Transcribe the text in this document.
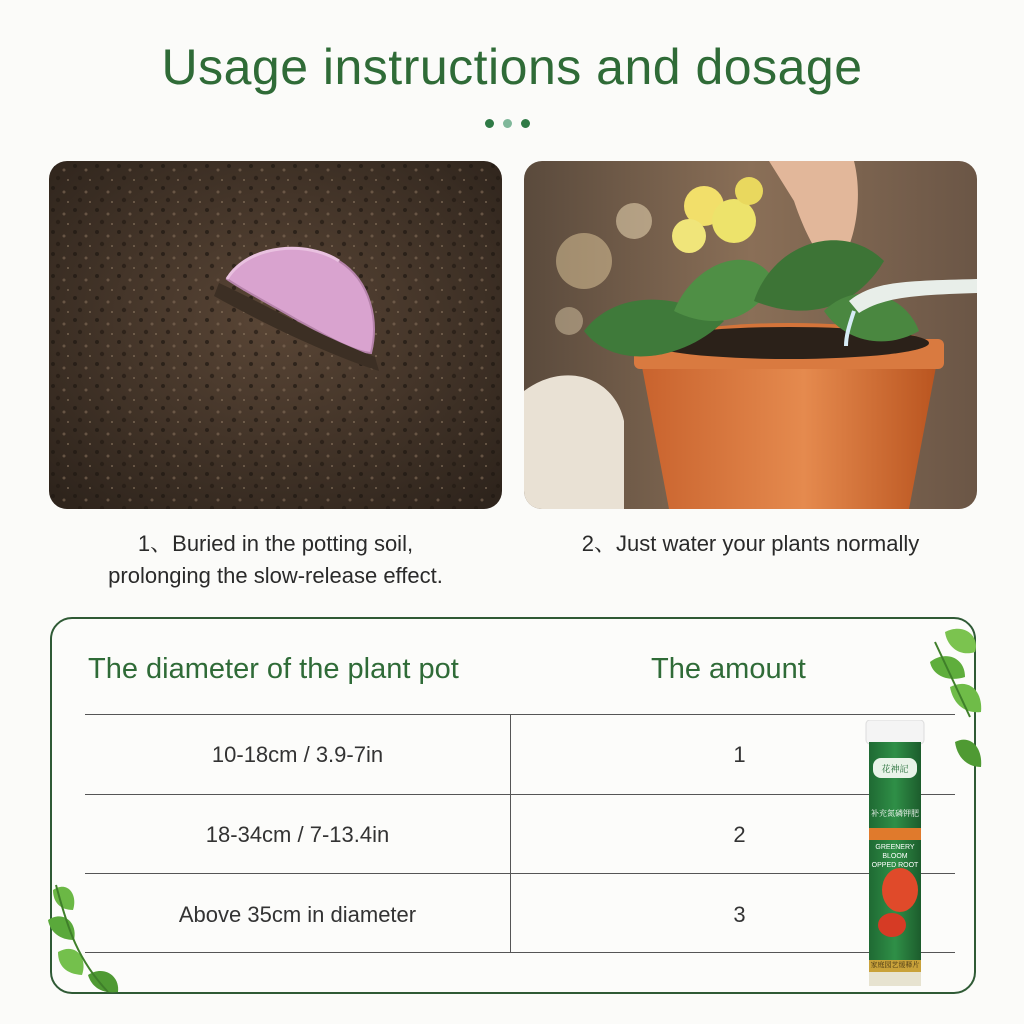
Usage instructions and dosage
1、Buried in the potting soil,
prolonging the slow-release effect.
2、Just water your plants normally
The diameter of the plant pot	The amount
10-18cm / 3.9-7in	1
18-34cm / 7-13.4in	2
Above 35cm in diameter	3
花神記
补充氮磷钾肥
GREENERY
BLOOM
OPPED ROOT
家庭园艺缓释片
